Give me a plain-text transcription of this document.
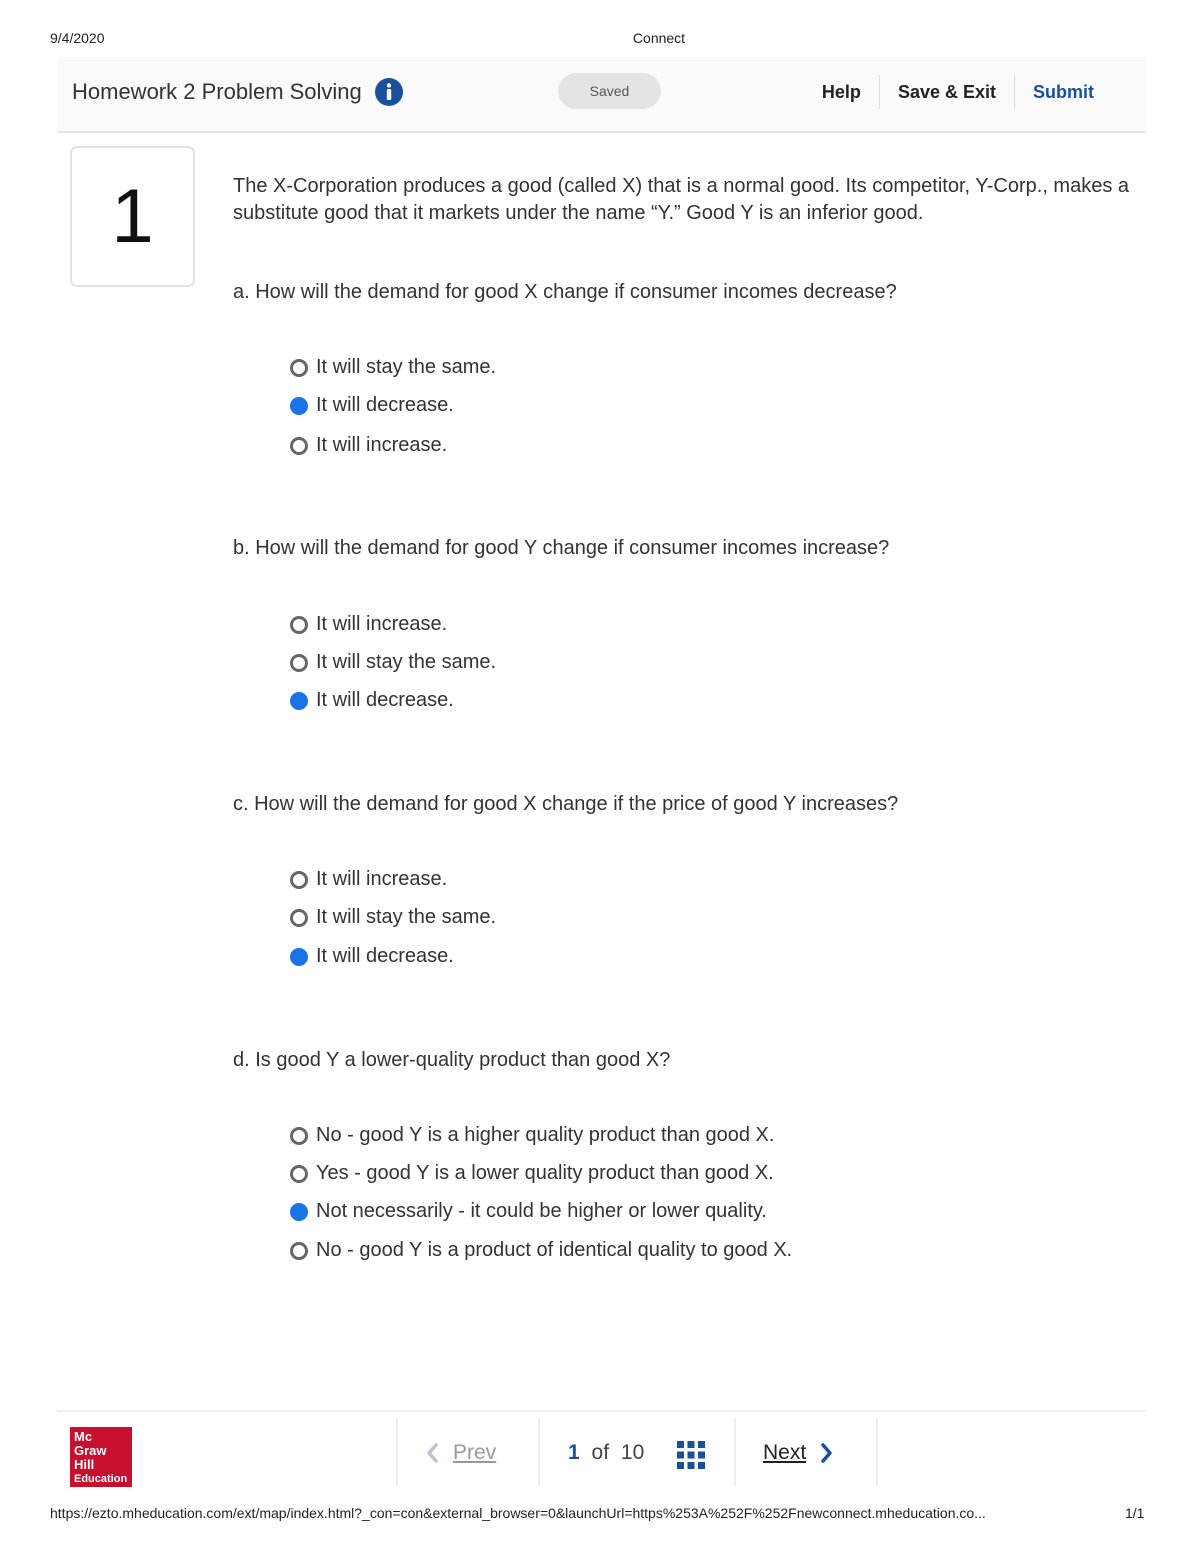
9/4/2020	Connect
Homework 2 Problem Solving	Saved	Help	Save & Exit	Submit
1	The X-Corporation produces a good (called X) that is a normal good. Its competitor, Y-Corp., makes a substitute good that it markets under the name “Y.” Good Y is an inferior good.
a. How will the demand for good X change if consumer incomes decrease?
It will stay the same.
It will decrease.
It will increase.
b. How will the demand for good Y change if consumer incomes increase?
It will increase.
It will stay the same.
It will decrease.
c. How will the demand for good X change if the price of good Y increases?
It will increase.
It will stay the same.
It will decrease.
d. Is good Y a lower-quality product than good X?
No - good Y is a higher quality product than good X.
Yes - good Y is a lower quality product than good X.
Not necessarily - it could be higher or lower quality.
No - good Y is a product of identical quality to good X.
Mc
Graw
Hill
Education
Prev	1 of 10	Next
https://ezto.mheducation.com/ext/map/index.html?_con=con&external_browser=0&launchUrl=https%253A%252F%252Fnewconnect.mheducation.co...	1/1
